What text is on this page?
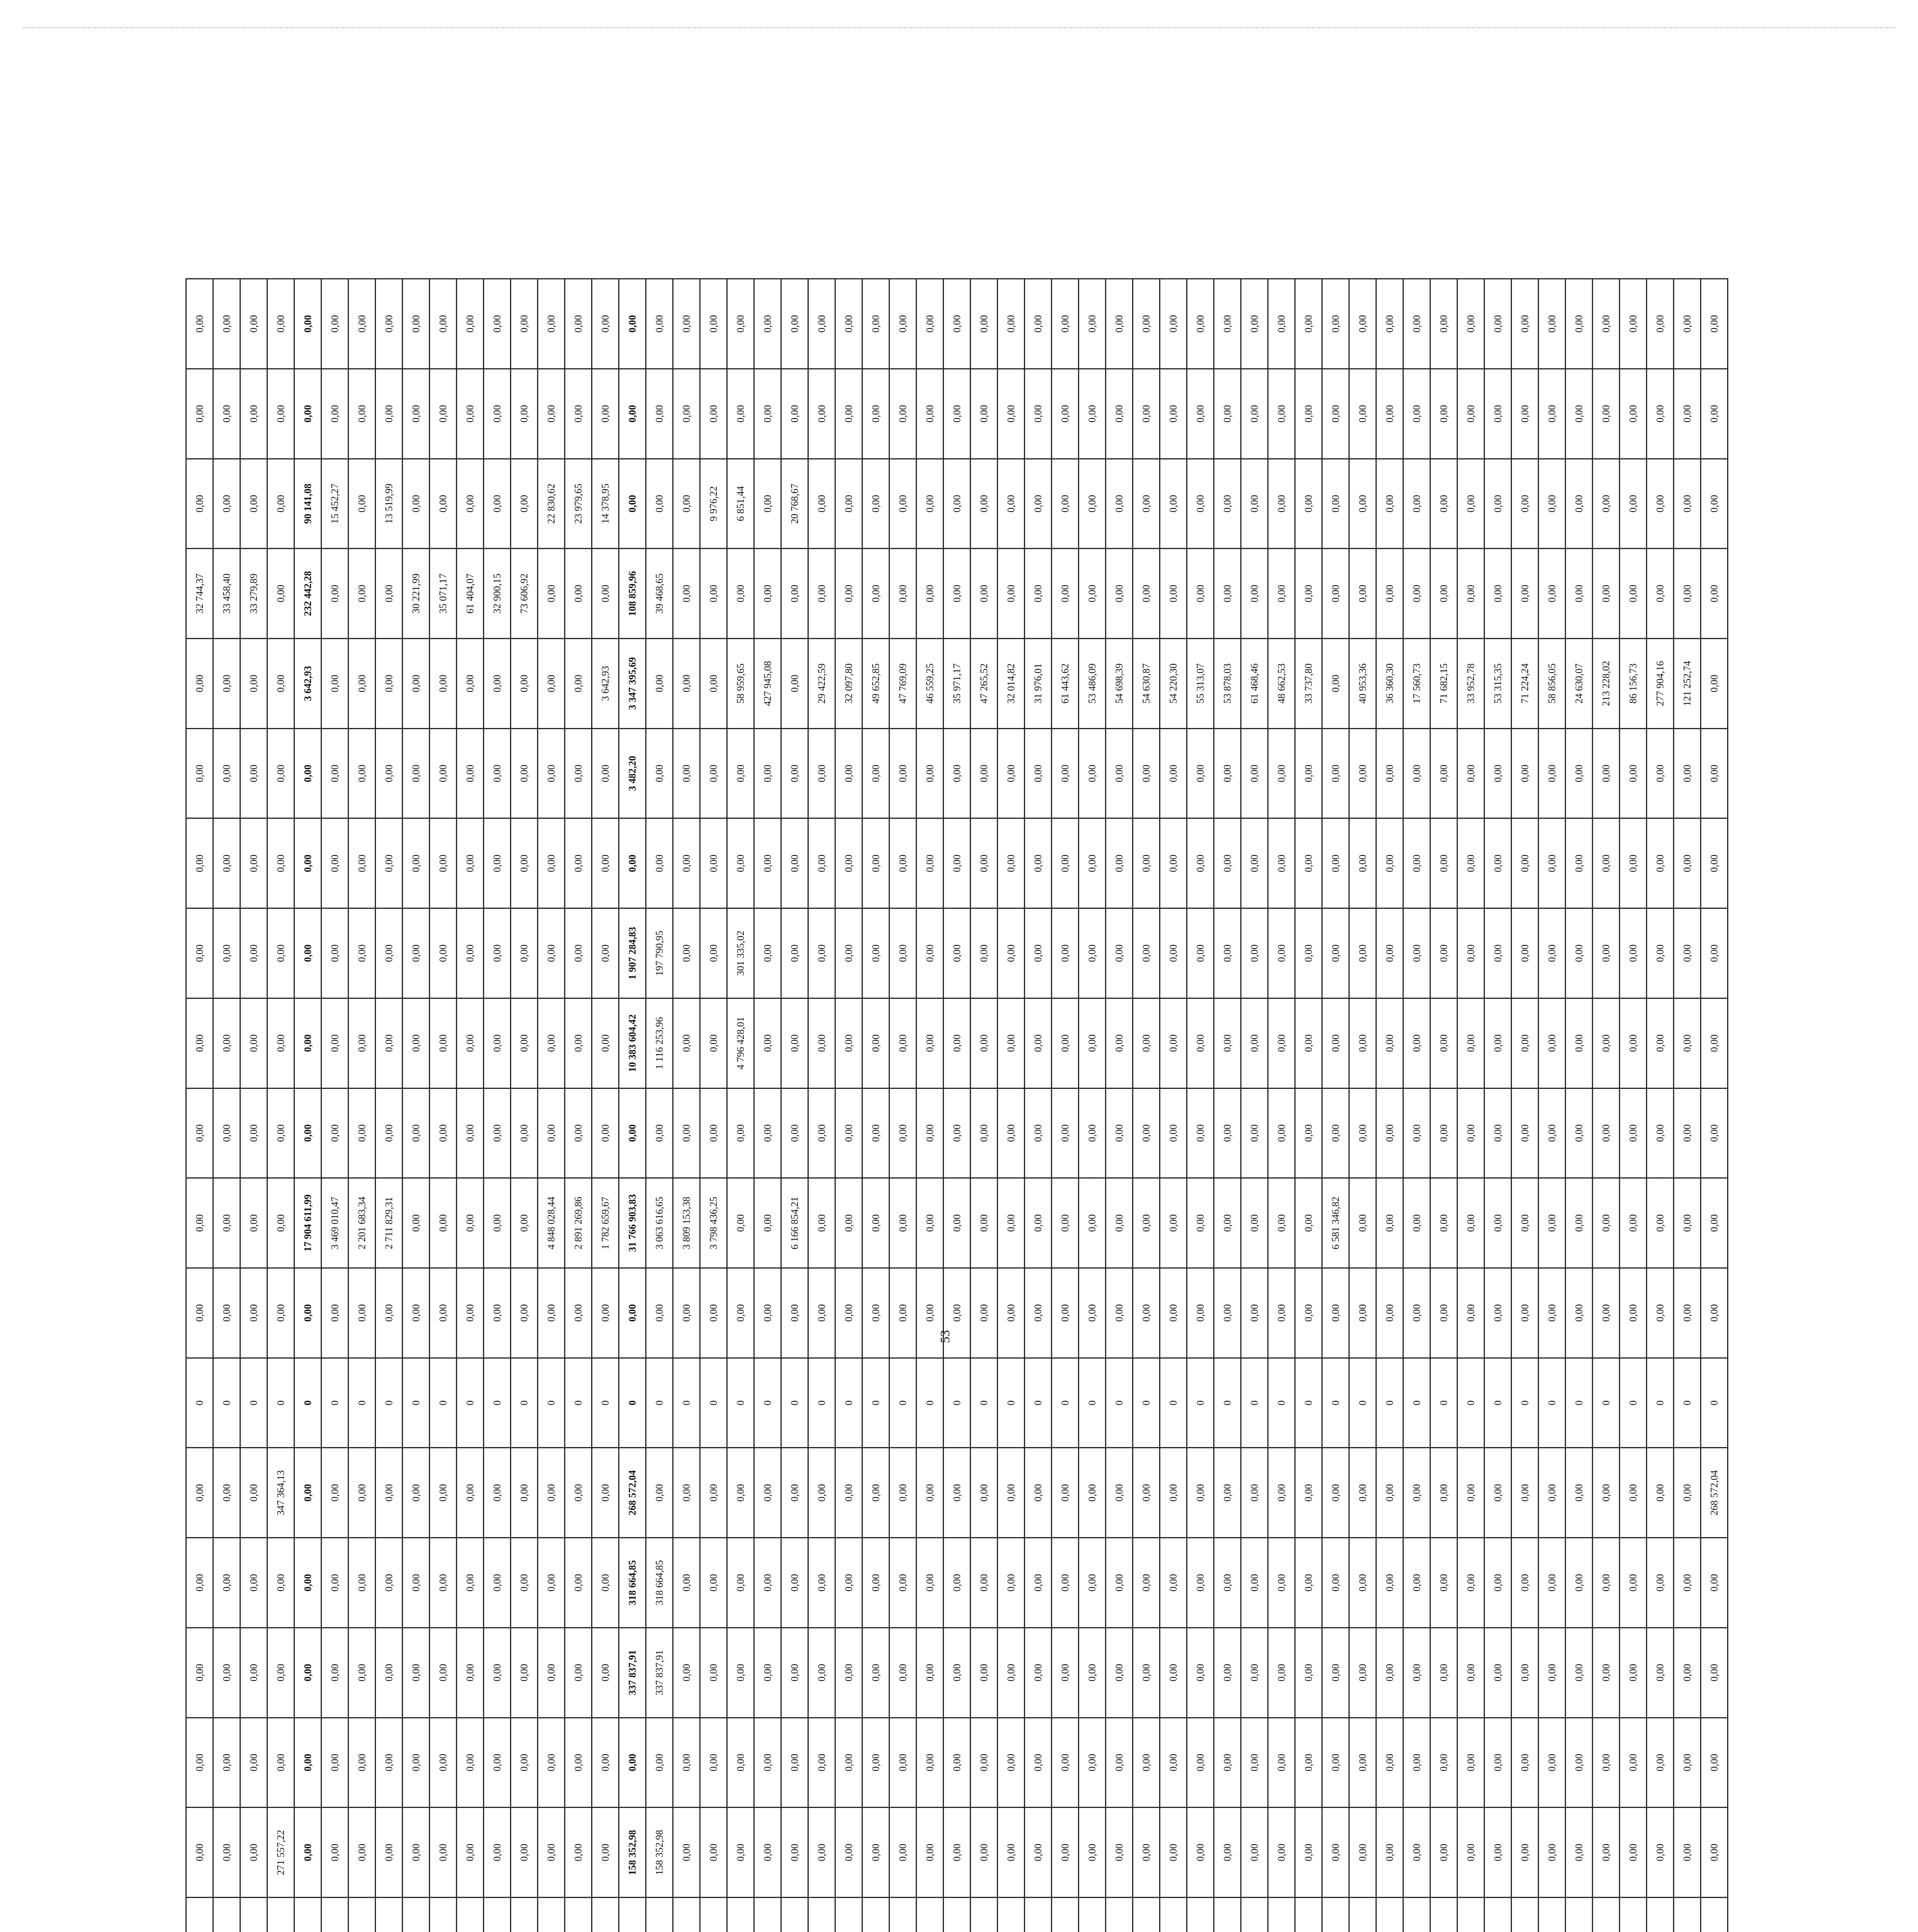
				0,00	0,00	0,00	0,00	0,00	0	0,00	0,00	0,00	0,00	0,00	0,00	0,00	0,00	32 744,37	0,00	0,00	0,00
				0,00	0,00	0,00	0,00	0,00	0	0,00	0,00	0,00	0,00	0,00	0,00	0,00	0,00	33 458,40	0,00	0,00	0,00
				0,00	0,00	0,00	0,00	0,00	0	0,00	0,00	0,00	0,00	0,00	0,00	0,00	0,00	33 279,89	0,00	0,00	0,00
				271 557,22	0,00	0,00	0,00	347 364,13	0	0,00	0,00	0,00	0,00	0,00	0,00	0,00	0,00	0,00	0,00	0,00	0,00
				0,00	0,00	0,00	0,00	0,00	0	0,00	17 904 611,99	0,00	0,00	0,00	0,00	0,00	3 642,93	232 442,28	90 141,08	0,00	0,00
				0,00	0,00	0,00	0,00	0,00	0	0,00	3 469 010,47	0,00	0,00	0,00	0,00	0,00	0,00	0,00	15 452,27	0,00	0,00
				0,00	0,00	0,00	0,00	0,00	0	0,00	2 201 683,34	0,00	0,00	0,00	0,00	0,00	0,00	0,00	0,00	0,00	0,00
				0,00	0,00	0,00	0,00	0,00	0	0,00	2 711 829,31	0,00	0,00	0,00	0,00	0,00	0,00	0,00	13 519,99	0,00	0,00
				0,00	0,00	0,00	0,00	0,00	0	0,00	0,00	0,00	0,00	0,00	0,00	0,00	0,00	30 221,99	0,00	0,00	0,00
				0,00	0,00	0,00	0,00	0,00	0	0,00	0,00	0,00	0,00	0,00	0,00	0,00	0,00	35 071,17	0,00	0,00	0,00
				0,00	0,00	0,00	0,00	0,00	0	0,00	0,00	0,00	0,00	0,00	0,00	0,00	0,00	61 404,07	0,00	0,00	0,00
				0,00	0,00	0,00	0,00	0,00	0	0,00	0,00	0,00	0,00	0,00	0,00	0,00	0,00	32 900,15	0,00	0,00	0,00
				0,00	0,00	0,00	0,00	0,00	0	0,00	0,00	0,00	0,00	0,00	0,00	0,00	0,00	73 606,92	0,00	0,00	0,00
				0,00	0,00	0,00	0,00	0,00	0	0,00	4 848 028,44	0,00	0,00	0,00	0,00	0,00	0,00	0,00	22 830,62	0,00	0,00
				0,00	0,00	0,00	0,00	0,00	0	0,00	2 891 269,86	0,00	0,00	0,00	0,00	0,00	0,00	0,00	23 979,65	0,00	0,00
				0,00	0,00	0,00	0,00	0,00	0	0,00	1 782 659,67	0,00	0,00	0,00	0,00	0,00	3 642,93	0,00	14 378,95	0,00	0,00
				158 352,98	0,00	337 837,91	318 664,85	268 572,04	0	0,00	31 766 903,83	0,00	10 383 604,42	1 907 284,83	0,00	3 482,20	3 347 395,69	108 859,96	0,00	0,00	0,00
				158 352,98	0,00	337 837,91	318 664,85	0,00	0	0,00	3 063 616,65	0,00	1 116 253,96	197 790,95	0,00	0,00	0,00	39 468,65	0,00	0,00	0,00
				0,00	0,00	0,00	0,00	0,00	0	0,00	3 809 153,38	0,00	0,00	0,00	0,00	0,00	0,00	0,00	0,00	0,00	0,00
				0,00	0,00	0,00	0,00	0,00	0	0,00	3 798 436,25	0,00	0,00	0,00	0,00	0,00	0,00	0,00	9 976,22	0,00	0,00
				0,00	0,00	0,00	0,00	0,00	0	0,00	0,00	0,00	4 796 428,01	301 335,02	0,00	0,00	58 959,65	0,00	6 851,44	0,00	0,00
				0,00	0,00	0,00	0,00	0,00	0	0,00	0,00	0,00	0,00	0,00	0,00	0,00	427 945,08	0,00	0,00	0,00	0,00
				0,00	0,00	0,00	0,00	0,00	0	0,00	6 166 854,21	0,00	0,00	0,00	0,00	0,00	0,00	0,00	20 768,67	0,00	0,00
				0,00	0,00	0,00	0,00	0,00	0	0,00	0,00	0,00	0,00	0,00	0,00	0,00	29 422,59	0,00	0,00	0,00	0,00
				0,00	0,00	0,00	0,00	0,00	0	0,00	0,00	0,00	0,00	0,00	0,00	0,00	32 097,80	0,00	0,00	0,00	0,00
				0,00	0,00	0,00	0,00	0,00	0	0,00	0,00	0,00	0,00	0,00	0,00	0,00	49 652,85	0,00	0,00	0,00	0,00
				0,00	0,00	0,00	0,00	0,00	0	0,00	0,00	0,00	0,00	0,00	0,00	0,00	47 769,09	0,00	0,00	0,00	0,00
				0,00	0,00	0,00	0,00	0,00	0	0,00	0,00	0,00	0,00	0,00	0,00	0,00	46 559,25	0,00	0,00	0,00	0,00
				0,00	0,00	0,00	0,00	0,00	0	0,00	0,00	0,00	0,00	0,00	0,00	0,00	35 971,17	0,00	0,00	0,00	0,00
				0,00	0,00	0,00	0,00	0,00	0	0,00	0,00	0,00	0,00	0,00	0,00	0,00	47 265,52	0,00	0,00	0,00	0,00
				0,00	0,00	0,00	0,00	0,00	0	0,00	0,00	0,00	0,00	0,00	0,00	0,00	32 014,82	0,00	0,00	0,00	0,00
				0,00	0,00	0,00	0,00	0,00	0	0,00	0,00	0,00	0,00	0,00	0,00	0,00	31 976,01	0,00	0,00	0,00	0,00
				0,00	0,00	0,00	0,00	0,00	0	0,00	0,00	0,00	0,00	0,00	0,00	0,00	61 443,62	0,00	0,00	0,00	0,00
				0,00	0,00	0,00	0,00	0,00	0	0,00	0,00	0,00	0,00	0,00	0,00	0,00	53 486,09	0,00	0,00	0,00	0,00
				0,00	0,00	0,00	0,00	0,00	0	0,00	0,00	0,00	0,00	0,00	0,00	0,00	54 698,39	0,00	0,00	0,00	0,00
				0,00	0,00	0,00	0,00	0,00	0	0,00	0,00	0,00	0,00	0,00	0,00	0,00	54 630,87	0,00	0,00	0,00	0,00
				0,00	0,00	0,00	0,00	0,00	0	0,00	0,00	0,00	0,00	0,00	0,00	0,00	54 220,30	0,00	0,00	0,00	0,00
				0,00	0,00	0,00	0,00	0,00	0	0,00	0,00	0,00	0,00	0,00	0,00	0,00	55 313,07	0,00	0,00	0,00	0,00
				0,00	0,00	0,00	0,00	0,00	0	0,00	0,00	0,00	0,00	0,00	0,00	0,00	53 878,03	0,00	0,00	0,00	0,00
				0,00	0,00	0,00	0,00	0,00	0	0,00	0,00	0,00	0,00	0,00	0,00	0,00	61 468,46	0,00	0,00	0,00	0,00
				0,00	0,00	0,00	0,00	0,00	0	0,00	0,00	0,00	0,00	0,00	0,00	0,00	48 662,53	0,00	0,00	0,00	0,00
				0,00	0,00	0,00	0,00	0,00	0	0,00	0,00	0,00	0,00	0,00	0,00	0,00	33 737,80	0,00	0,00	0,00	0,00
				0,00	0,00	0,00	0,00	0,00	0	0,00	6 581 346,82	0,00	0,00	0,00	0,00	0,00	0,00	0,00	0,00	0,00	0,00
				0,00	0,00	0,00	0,00	0,00	0	0,00	0,00	0,00	0,00	0,00	0,00	0,00	40 953,36	0,00	0,00	0,00	0,00
				0,00	0,00	0,00	0,00	0,00	0	0,00	0,00	0,00	0,00	0,00	0,00	0,00	36 360,30	0,00	0,00	0,00	0,00
				0,00	0,00	0,00	0,00	0,00	0	0,00	0,00	0,00	0,00	0,00	0,00	0,00	17 560,73	0,00	0,00	0,00	0,00
				0,00	0,00	0,00	0,00	0,00	0	0,00	0,00	0,00	0,00	0,00	0,00	0,00	71 682,15	0,00	0,00	0,00	0,00
				0,00	0,00	0,00	0,00	0,00	0	0,00	0,00	0,00	0,00	0,00	0,00	0,00	33 952,78	0,00	0,00	0,00	0,00
				0,00	0,00	0,00	0,00	0,00	0	0,00	0,00	0,00	0,00	0,00	0,00	0,00	53 315,35	0,00	0,00	0,00	0,00
				0,00	0,00	0,00	0,00	0,00	0	0,00	0,00	0,00	0,00	0,00	0,00	0,00	71 224,24	0,00	0,00	0,00	0,00
				0,00	0,00	0,00	0,00	0,00	0	0,00	0,00	0,00	0,00	0,00	0,00	0,00	58 856,05	0,00	0,00	0,00	0,00
				0,00	0,00	0,00	0,00	0,00	0	0,00	0,00	0,00	0,00	0,00	0,00	0,00	24 630,07	0,00	0,00	0,00	0,00
				0,00	0,00	0,00	0,00	0,00	0	0,00	0,00	0,00	0,00	0,00	0,00	0,00	213 228,02	0,00	0,00	0,00	0,00
				0,00	0,00	0,00	0,00	0,00	0	0,00	0,00	0,00	0,00	0,00	0,00	0,00	86 156,73	0,00	0,00	0,00	0,00
				0,00	0,00	0,00	0,00	0,00	0	0,00	0,00	0,00	0,00	0,00	0,00	0,00	277 904,16	0,00	0,00	0,00	0,00
				0,00	0,00	0,00	0,00	0,00	0	0,00	0,00	0,00	0,00	0,00	0,00	0,00	121 252,74	0,00	0,00	0,00	0,00
				0,00	0,00	0,00	0,00	268 572,04	0	0,00	0,00	0,00	0,00	0,00	0,00	0,00	0,00	0,00	0,00	0,00	0,00
53
